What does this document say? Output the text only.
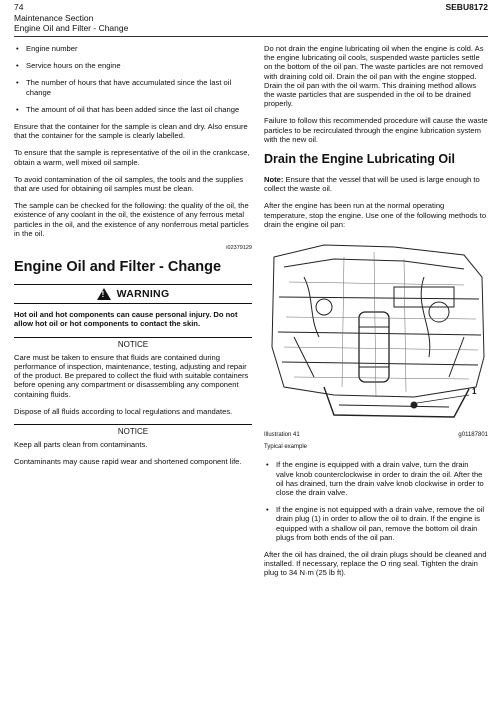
74
Maintenance Section
Engine Oil and Filter - Change
SEBU8172
• Engine number
• Service hours on the engine
• The number of hours that have accumulated since the last oil change
• The amount of oil that has been added since the last oil change

Ensure that the container for the sample is clean and dry. Also ensure that the container for the sample is clearly labelled.

To ensure that the sample is representative of the oil in the crankcase, obtain a warm, well mixed oil sample.

To avoid contamination of the oil samples, the tools and the supplies that are used for obtaining oil samples must be clean.

The sample can be checked for the following: the quality of the oil, the existence of any coolant in the oil, the existence of any ferrous metal particles in the oil, and the existence of any nonferrous metal particles in the oil.

i02379129
Engine Oil and Filter - Change
! WARNING

Hot oil and hot components can cause personal injury. Do not allow hot oil or hot components to contact the skin.

NOTICE

Care must be taken to ensure that fluids are contained during performance of inspection, maintenance, testing, adjusting and repair of the product. Be prepared to collect the fluid with suitable containers before opening any compartment or disassembling any component containing fluids.

Dispose of all fluids according to local regulations and mandates.

NOTICE

Keep all parts clean from contaminants.

Contaminants may cause rapid wear and shortened component life.

Do not drain the engine lubricating oil when the engine is cold. As the engine lubricating oil cools, suspended waste particles settle on the bottom of the oil pan. The waste particles are not removed with draining cold oil. Drain the oil pan with the engine stopped. Drain the oil pan with the oil warm. This draining method allows the waste particles that are suspended in the oil to be drained properly.

Failure to follow this recommended procedure will cause the waste particles to be recirculated through the engine lubrication system with the new oil.

Drain the Engine Lubricating Oil

Note: Ensure that the vessel that will be used is large enough to collect the waste oil.

After the engine has been run at the normal operating temperature, stop the engine. Use one of the following methods to drain the engine oil pan:

1
Illustration 41	g01187801
Typical example
• If the engine is equipped with a drain valve, turn the drain valve knob counterclockwise in order to drain the oil. After the oil has drained, turn the drain valve knob clockwise in order to close the drain valve.
• If the engine is not equipped with a drain valve, remove the oil drain plug (1) in order to allow the oil to drain. If the engine is equipped with a shallow oil pan, remove the bottom oil drain plugs from both ends of the oil pan.

After the oil has drained, the oil drain plugs should be cleaned and installed. If necessary, replace the O ring seal. Tighten the drain plug to 34 N·m (25 lb ft).
